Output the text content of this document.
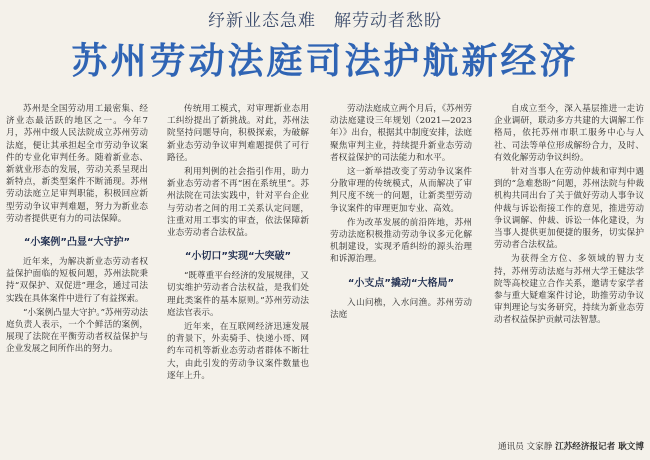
纾新业态急难　解劳动者愁盼
苏州劳动法庭司法护航新经济

苏州是全国劳动用工最密集、经济业态最活跃的地区之一。今年7月，苏州中级人民法院成立苏州劳动法庭，便让其承担起全市劳动争议案件的专业化审判任务。随着新业态、新就业形态的发展，劳动关系呈现出新特点，新类型案件不断涌现。苏州劳动法庭立足审判职能，积极回应新型劳动争议审判难题，努力为新业态劳动者提供更有力的司法保障。

“小案例”凸显“大守护”

近年来，为解决新业态劳动者权益保护面临的短板问题，苏州法院秉持“双保护、双促进”理念，通过司法实践在具体案件中进行了有益探索。

“小案例凸显大守护。”苏州劳动法庭负责人表示，一个个鲜活的案例，展现了法院在平衡劳动者权益保护与企业发展之间所作出的努力。

传统用工模式，对审理新业态用工纠纷提出了新挑战。对此，苏州法院坚持问题导向，积极探索，为破解新业态劳动争议审判难题提供了可行路径。

利用判例的社会指引作用，助力新业态劳动者不再“困在系统里”。苏州法院在司法实践中，针对平台企业与劳动者之间的用工关系认定问题，注重对用工事实的审查，依法保障新业态劳动者合法权益。

“小切口”实现“大突破”

“既尊重平台经济的发展规律，又切实维护劳动者合法权益，是我们处理此类案件的基本原则。”苏州劳动法庭法官表示。

近年来，在互联网经济迅速发展的背景下，外卖骑手、快递小哥、网约车司机等新业态劳动者群体不断壮大，由此引发的劳动争议案件数量也逐年上升。

劳动法庭成立两个月后，《苏州劳动法庭建设三年规划（2021—2023年）》出台，根据其中制度安排，法庭聚焦审判主业，持续提升新业态劳动者权益保护的司法能力和水平。

这一新举措改变了劳动争议案件分散审理的传统模式，从而解决了审判尺度不统一的问题，让新类型劳动争议案件的审理更加专业、高效。

作为改革发展的前沿阵地，苏州劳动法庭积极推动劳动争议多元化解机制建设，实现矛盾纠纷的源头治理和诉源治理。

“小支点”撬动“大格局”

入山问樵，入水问渔。苏州劳动法庭

自成立至今，深入基层推进一走访企业调研，联动多方共建的大调解工作格局，依托苏州市职工服务中心与人社、司法等单位形成解纷合力，及时、有效化解劳动争议纠纷。

针对当事人在劳动仲裁和审判中遇到的“急难愁盼”问题，苏州法院与仲裁机构共同出台了关于做好劳动人事争议仲裁与诉讼衔接工作的意见，推进劳动争议调解、仲裁、诉讼一体化建设，为当事人提供更加便捷的服务，切实保护劳动者合法权益。

为获得全方位、多领域的智力支持，苏州劳动法庭与苏州大学王健法学院等高校建立合作关系，邀请专家学者参与重大疑难案件讨论，助推劳动争议审判理论与实务研究，持续为新业态劳动者权益保护贡献司法智慧。

通讯员 文家静 江苏经济报记者 耿文博
